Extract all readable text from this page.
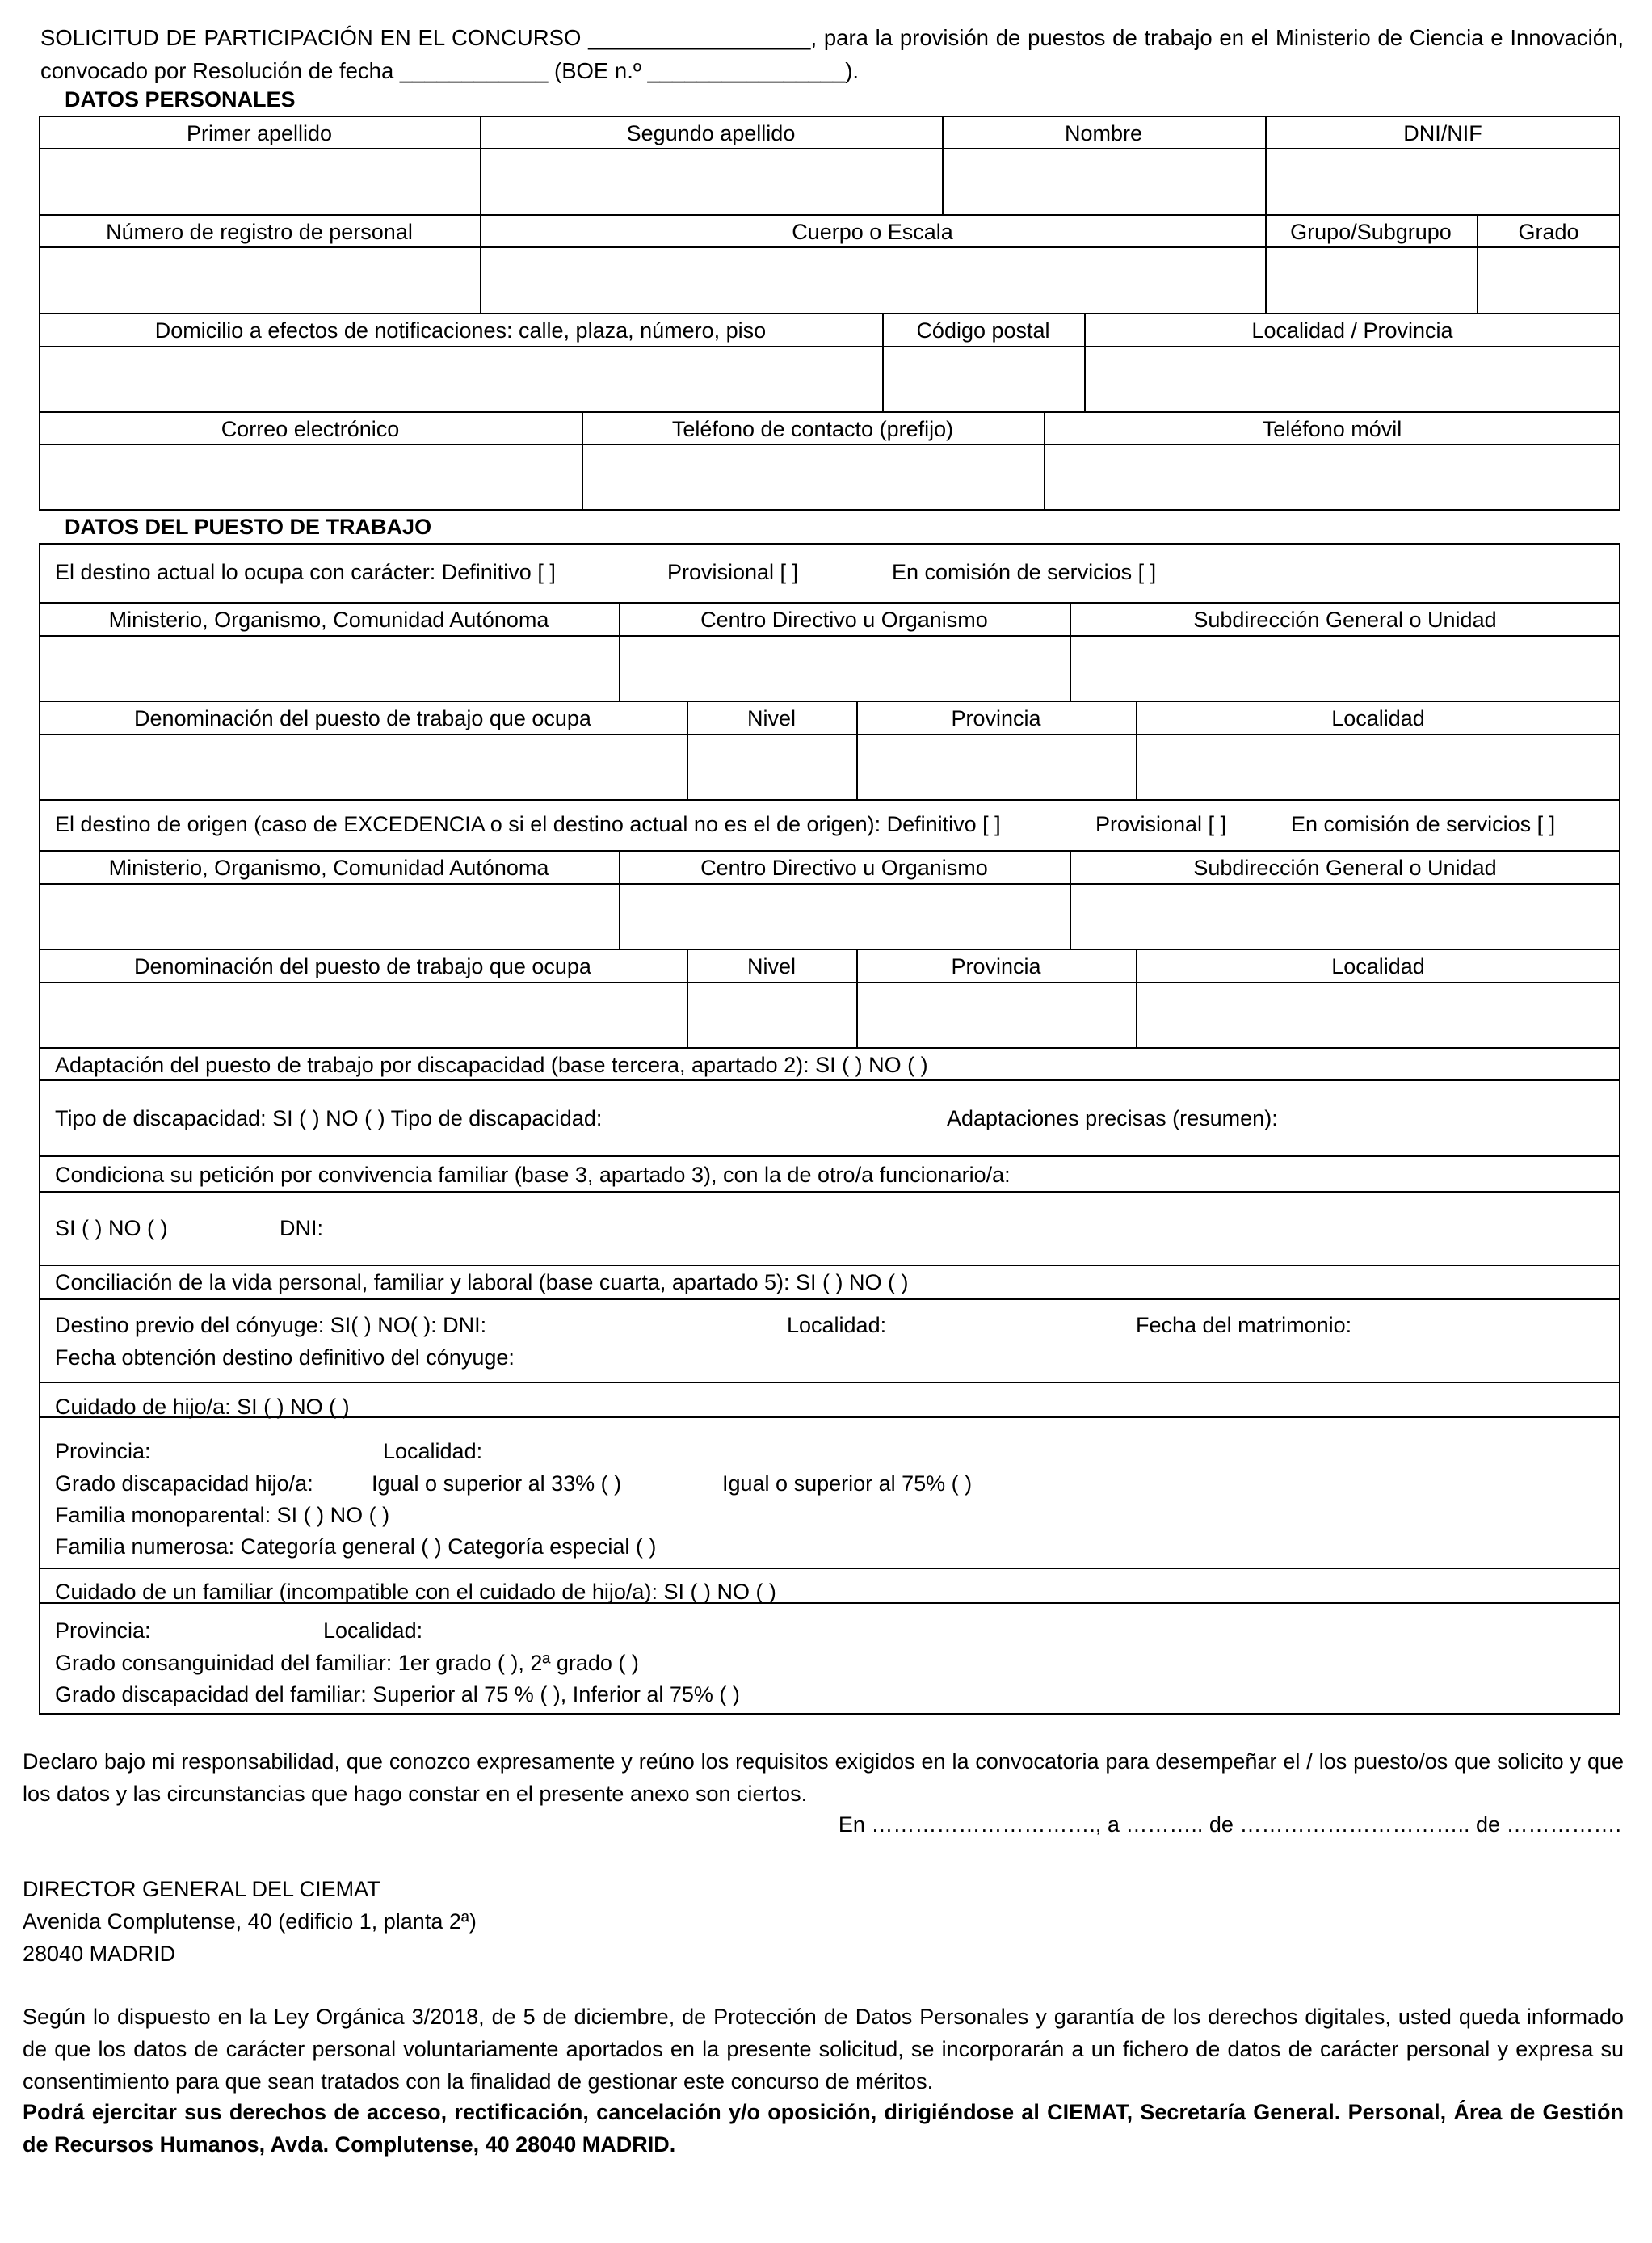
SOLICITUD DE PARTICIPACIÓN EN EL CONCURSO __________________, para la provisión de puestos de trabajo en el Ministerio de Ciencia e Innovación, convocado por Resolución de fecha ____________ (BOE n.º ________________).
DATOS PERSONALES
Primer apellido	Segundo apellido	Nombre	DNI/NIF
Número de registro de personal	Cuerpo o Escala	Grupo/Subgrupo	Grado
Domicilio a efectos de notificaciones: calle, plaza, número, piso	Código postal	Localidad / Provincia
Correo electrónico	Teléfono de contacto (prefijo)	Teléfono móvil
DATOS DEL PUESTO DE TRABAJO
El destino actual lo ocupa con carácter: Definitivo [ ]	Provisional [ ]	En comisión de servicios [ ]
Ministerio, Organismo, Comunidad Autónoma	Centro Directivo u Organismo	Subdirección General o Unidad
Denominación del puesto de trabajo que ocupa	Nivel	Provincia	Localidad
El destino de origen (caso de EXCEDENCIA o si el destino actual no es el de origen): Definitivo [ ]	Provisional [ ]	En comisión de servicios [ ]
Ministerio, Organismo, Comunidad Autónoma	Centro Directivo u Organismo	Subdirección General o Unidad
Denominación del puesto de trabajo que ocupa	Nivel	Provincia	Localidad
Adaptación del puesto de trabajo por discapacidad (base tercera, apartado 2): SI ( ) NO ( )
Tipo de discapacidad: SI ( ) NO ( ) Tipo de discapacidad:	Adaptaciones precisas (resumen):
Condiciona su petición por convivencia familiar (base 3, apartado 3), con la de otro/a funcionario/a:
SI ( ) NO ( )	DNI:
Conciliación de la vida personal, familiar y laboral (base cuarta, apartado 5): SI ( ) NO ( )
Destino previo del cónyuge: SI( ) NO( ): DNI:	Localidad:	Fecha del matrimonio:
Fecha obtención destino definitivo del cónyuge:
Cuidado de hijo/a: SI ( ) NO ( )
Provincia:	Localidad:
Grado discapacidad hijo/a:	Igual o superior al 33% ( )	Igual o superior al 75% ( )
Familia monoparental: SI ( ) NO ( )
Familia numerosa: Categoría general ( ) Categoría especial ( )
Cuidado de un familiar (incompatible con el cuidado de hijo/a): SI ( ) NO ( )
Provincia:	Localidad:
Grado consanguinidad del familiar: 1er grado ( ), 2ª grado ( )
Grado discapacidad del familiar: Superior al 75 % ( ), Inferior al 75% ( )
Declaro bajo mi responsabilidad, que conozco expresamente y reúno los requisitos exigidos en la convocatoria para desempeñar el / los puesto/os que solicito y que los datos y las circunstancias que hago constar en el presente anexo son ciertos.
En …………………………., a ……….. de ………………………….. de …………….
DIRECTOR GENERAL DEL CIEMAT
Avenida Complutense, 40 (edificio 1, planta 2ª)
28040 MADRID
Según lo dispuesto en la Ley Orgánica 3/2018, de 5 de diciembre, de Protección de Datos Personales y garantía de los derechos digitales, usted queda informado de que los datos de carácter personal voluntariamente aportados en la presente solicitud, se incorporarán a un fichero de datos de carácter personal y expresa su consentimiento para que sean tratados con la finalidad de gestionar este concurso de méritos.
Podrá ejercitar sus derechos de acceso, rectificación, cancelación y/o oposición, dirigiéndose al CIEMAT, Secretaría General. Personal, Área de Gestión de Recursos Humanos, Avda. Complutense, 40 28040 MADRID.
